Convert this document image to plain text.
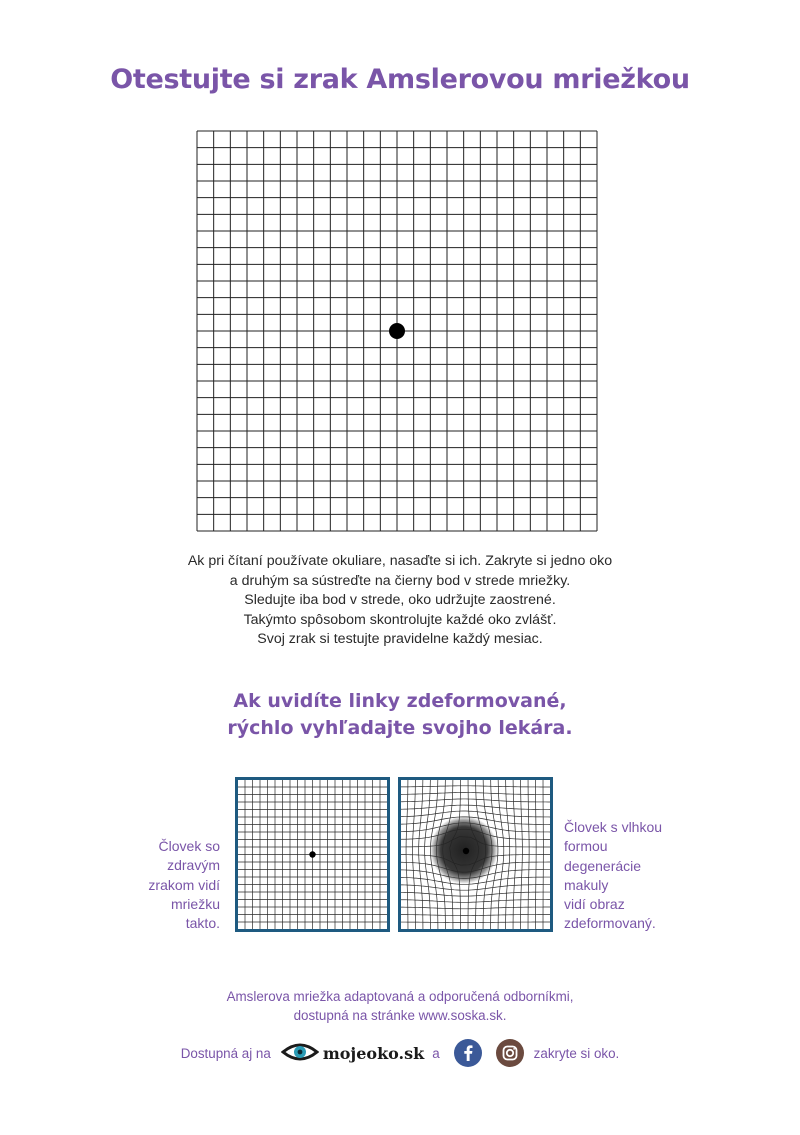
Otestujte si zrak Amslerovou mriežkou
Ak pri čítaní používate okuliare, nasaďte si ich. Zakryte si jedno oko
a druhým sa sústreďte na čierny bod v strede mriežky.
Sledujte iba bod v strede, oko udržujte zaostrené.
Takýmto spôsobom skontrolujte každé oko zvlášť.
Svoj zrak si testujte pravidelne každý mesiac.
Ak uvidíte linky zdeformované,
rýchlo vyhľadajte svojho lekára.
Človek so
zdravým
zrakom vidí
mriežku
takto.
Človek s vlhkou
formou
degenerácie
makuly
vidí obraz
zdeformovaný.
Amslerova mriežka adaptovaná a odporučená odborníkmi,
dostupná na stránke www.soska.sk.
Dostupná aj na	mojeoko.sk a	zakryte si oko.
